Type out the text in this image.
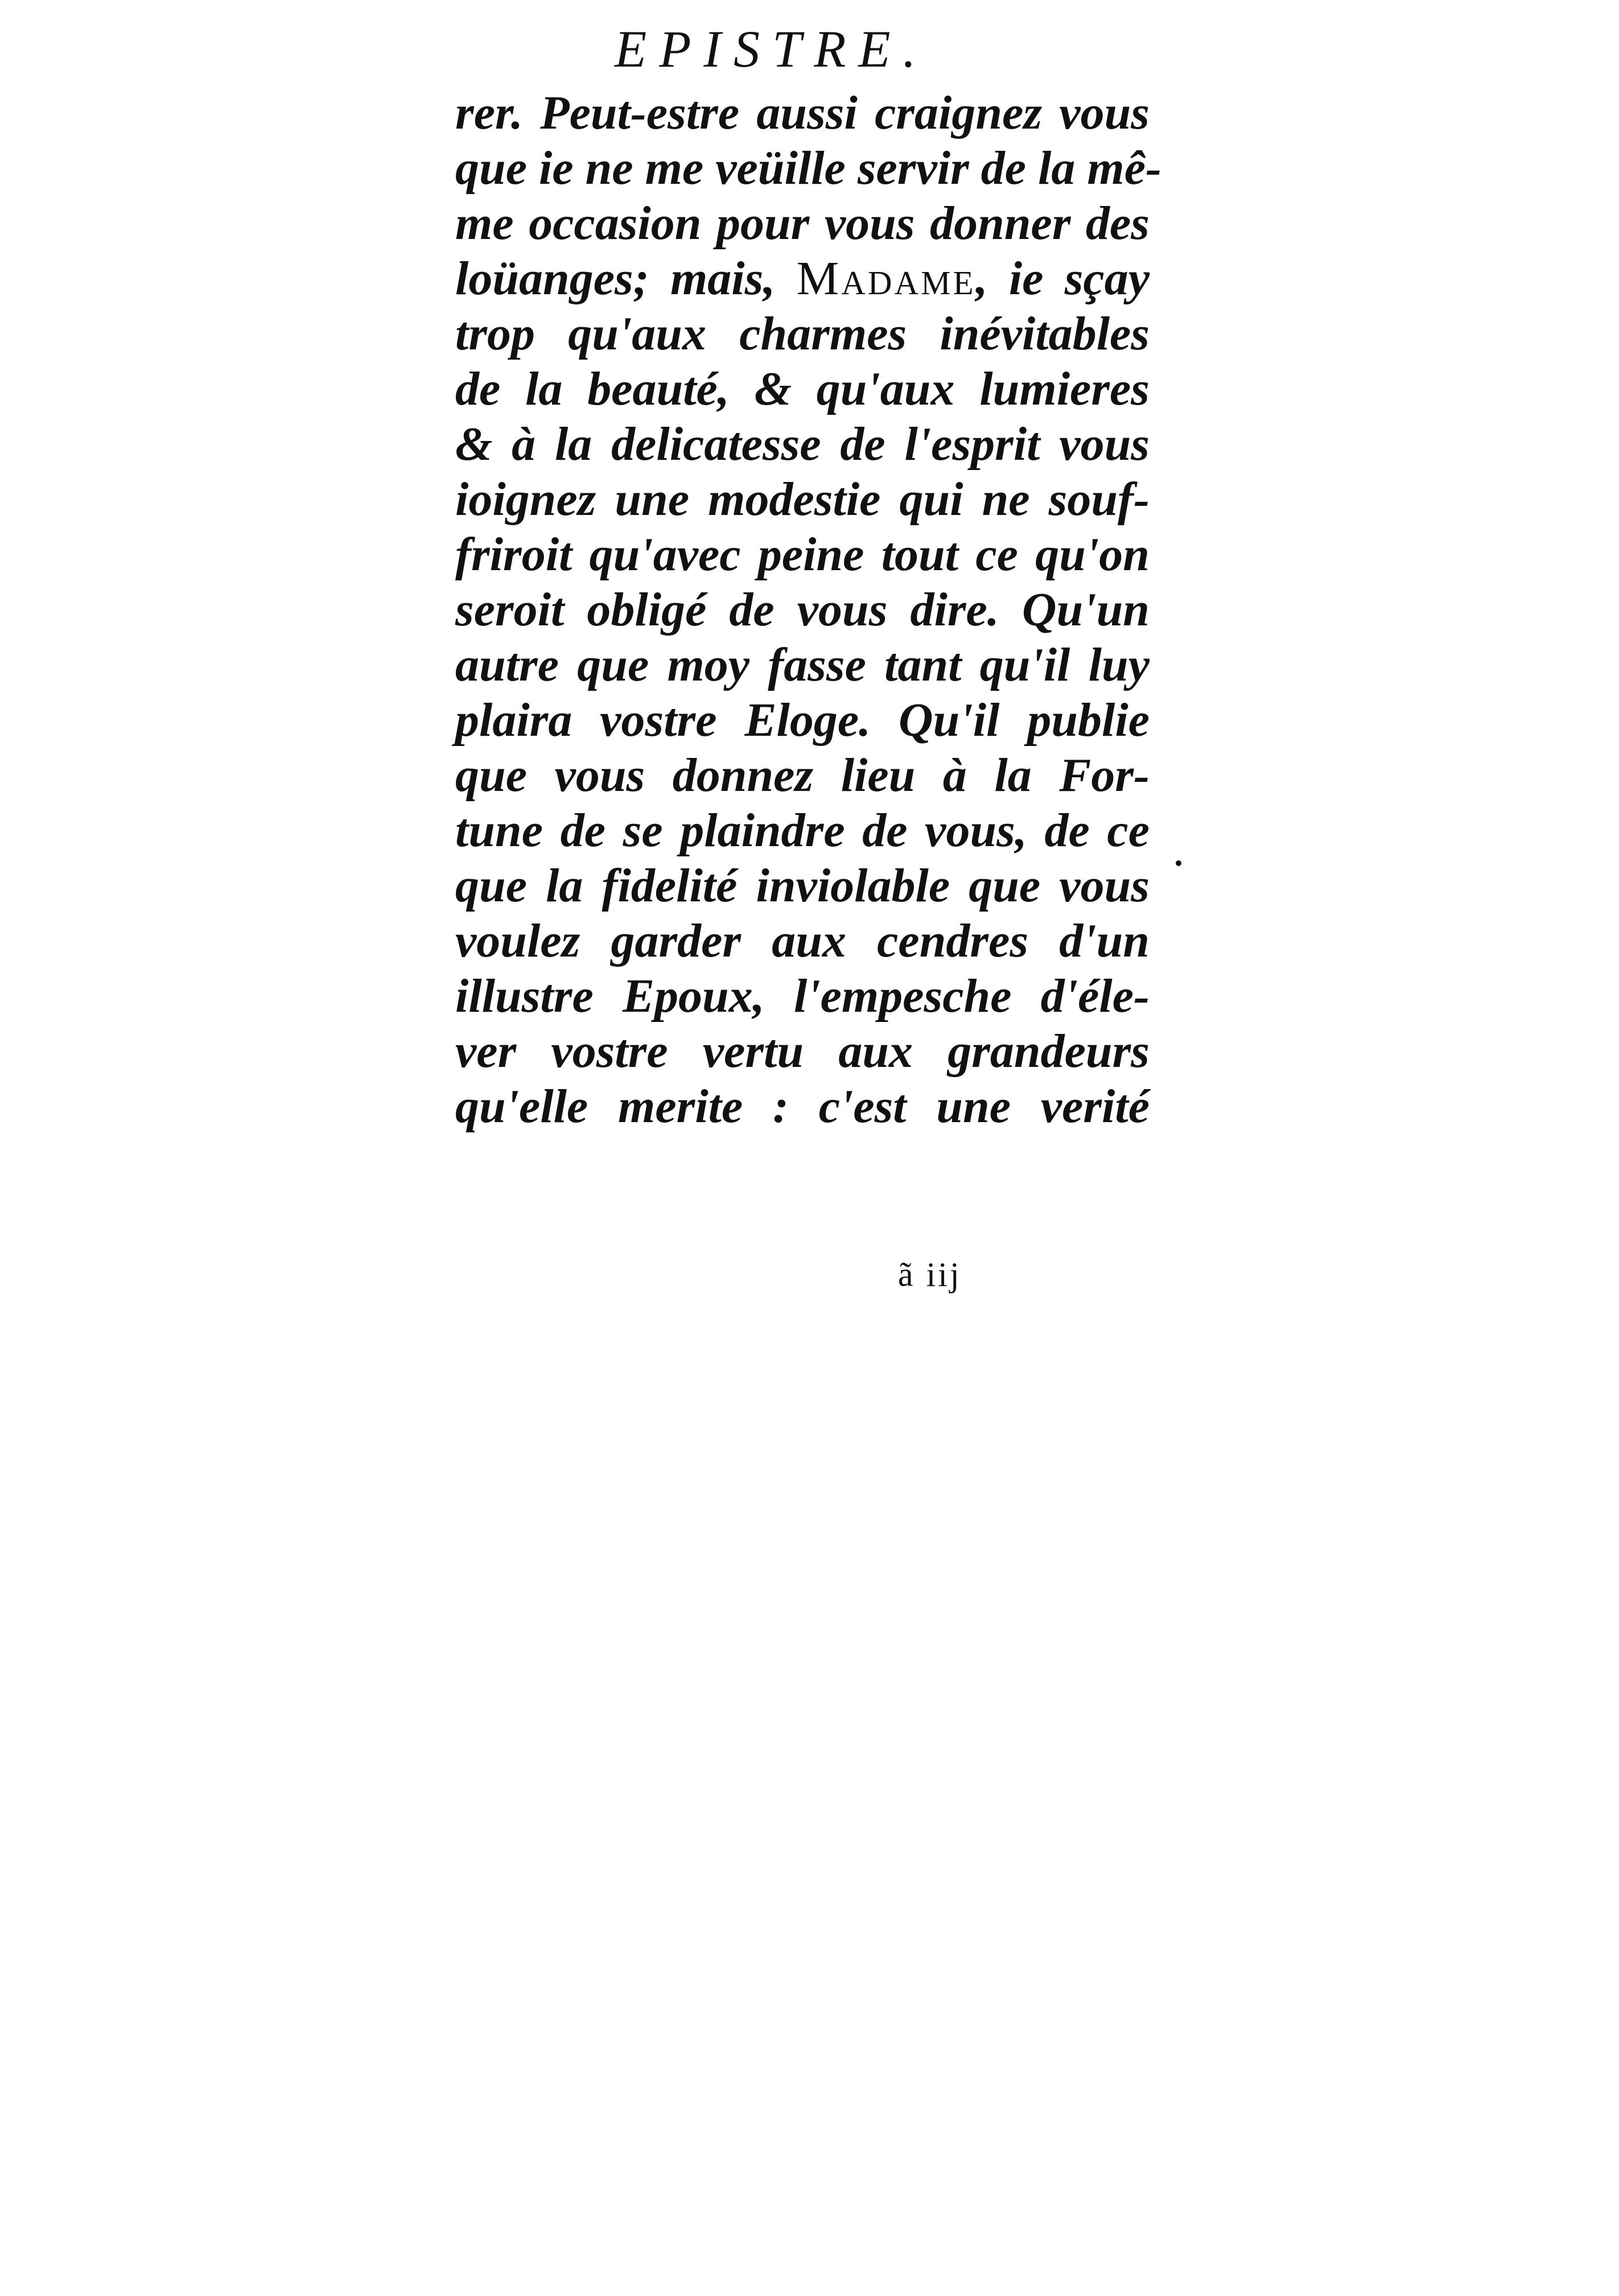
EPISTRE.
rer. Peut-estre aussi craignez vous
que ie ne me veüille servir de la mê-
me occasion pour vous donner des
loüanges; mais, Madame, ie sçay
trop qu'aux charmes inévitables
de la beauté, & qu'aux lumieres
& à la delicatesse de l'esprit vous
ioignez une modestie qui ne souf-
friroit qu'avec peine tout ce qu'on
seroit obligé de vous dire. Qu'un
autre que moy fasse tant qu'il luy
plaira vostre Eloge. Qu'il publie
que vous donnez lieu à la For-
tune de se plaindre de vous, de ce
que la fidelité inviolable que vous
voulez garder aux cendres d'un
illustre Epoux, l'empesche d'éle-
ver vostre vertu aux grandeurs
qu'elle merite : c'est une verité
ã iij
